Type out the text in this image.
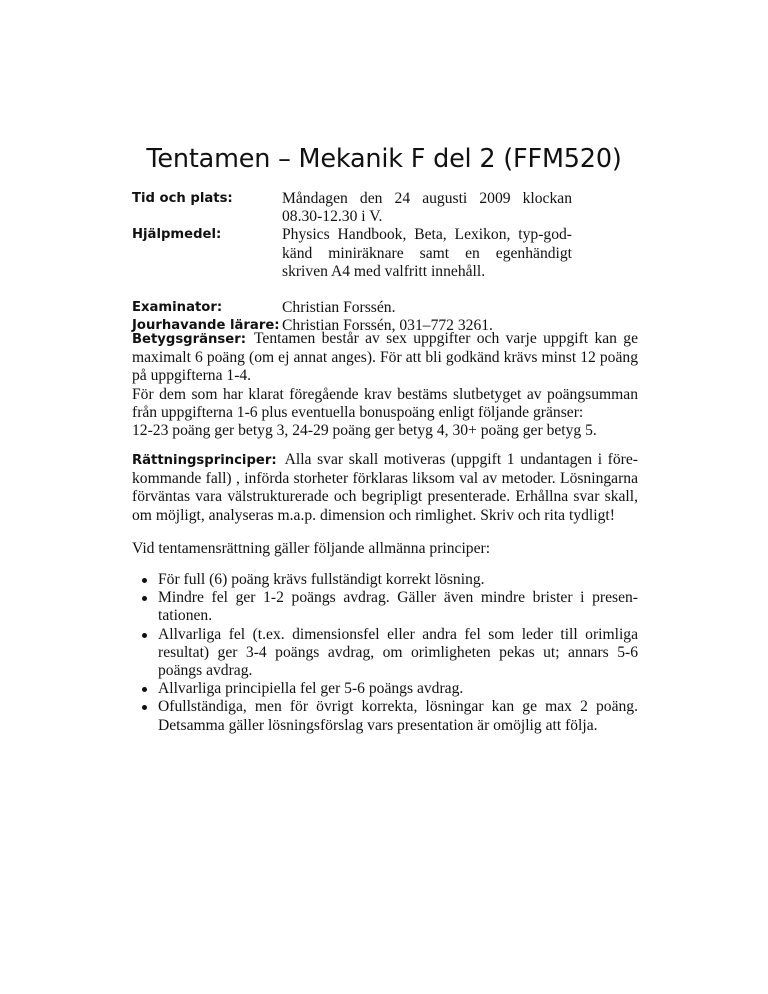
Tentamen – Mekanik F del 2 (FFM520)
Tid och plats:	Måndagen den 24 augusti 2009 klockan 08.30-12.30 i V.
Hjälpmedel:	Physics Handbook, Beta, Lexikon, typ-godkänd miniräknare samt en egenhändigt skriven A4 med valfritt innehåll.
Examinator:	Christian Forssén.
Jourhavande lärare: Christian Forssén, 031–772 3261.

Betygsgränser: Tentamen består av sex uppgifter och varje uppgift kan ge maximalt 6 poäng (om ej annat anges). För att bli godkänd krävs minst 12 poäng på uppgifterna 1-4.

För dem som har klarat föregående krav bestäms slutbetyget av poängsumman från uppgifterna 1-6 plus eventuella bonuspoäng enligt följande gränser:

12-23 poäng ger betyg 3, 24-29 poäng ger betyg 4, 30+ poäng ger betyg 5.

Rättningsprinciper: Alla svar skall motiveras (uppgift 1 undantagen i förekommande fall) , införda storheter förklaras liksom val av metoder. Lösningarna förväntas vara välstrukturerade och begripligt presenterade. Erhållna svar skall, om möjligt, analyseras m.a.p. dimension och rimlighet. Skriv och rita tydligt!

Vid tentamensrättning gäller följande allmänna principer:
För full (6) poäng krävs fullständigt korrekt lösning.
Mindre fel ger 1-2 poängs avdrag. Gäller även mindre brister i presentationen.
Allvarliga fel (t.ex. dimensionsfel eller andra fel som leder till orimliga resultat) ger 3-4 poängs avdrag, om orimligheten pekas ut; annars 5-6 poängs avdrag.
Allvarliga principiella fel ger 5-6 poängs avdrag.
Ofullständiga, men för övrigt korrekta, lösningar kan ge max 2 poäng. Detsamma gäller lösningsförslag vars presentation är omöjlig att följa.
